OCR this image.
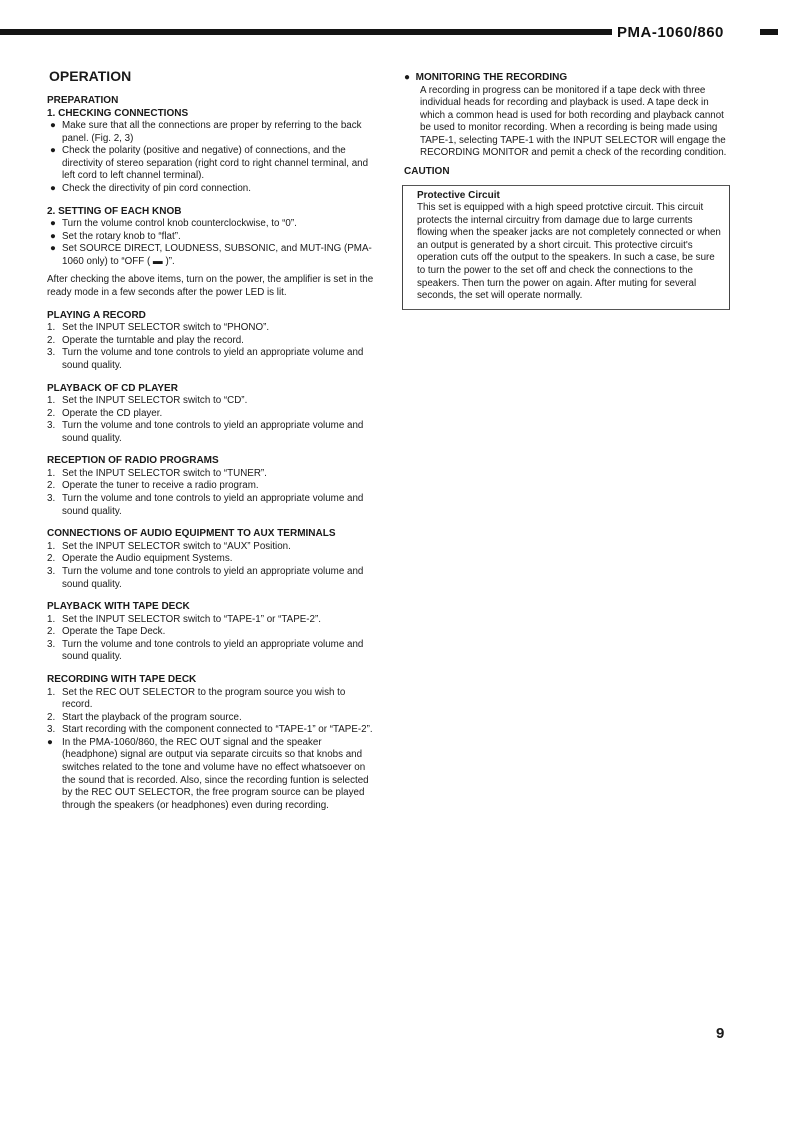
PMA-1060/860
OPERATION
PREPARATION
1. CHECKING CONNECTIONS
● Make sure that all the connections are proper by referring to the back panel. (Fig. 2, 3)
● Check the polarity (positive and negative) of connections, and the directivity of stereo separation (right cord to right channel terminal, and left cord to left channel terminal).
● Check the directivity of pin cord connection.
2. SETTING OF EACH KNOB
● Turn the volume control knob counterclockwise, to “0”.
● Set the rotary knob to “flat”.
● Set SOURCE DIRECT, LOUDNESS, SUBSONIC, and MUT-ING (PMA-1060 only) to “OFF ( ▬ )”.

After checking the above items, turn on the power, the amplifier is set in the ready mode in a few seconds after the power LED is lit.

PLAYING A RECORD
1. Set the INPUT SELECTOR switch to “PHONO”.
2. Operate the turntable and play the record.
3. Turn the volume and tone controls to yield an appropriate volume and sound quality.
PLAYBACK OF CD PLAYER
1. Set the INPUT SELECTOR switch to “CD”.
2. Operate the CD player.
3. Turn the volume and tone controls to yield an appropriate volume and sound quality.
RECEPTION OF RADIO PROGRAMS
1. Set the INPUT SELECTOR switch to “TUNER”.
2. Operate the tuner to receive a radio program.
3. Turn the volume and tone controls to yield an appropriate volume and sound quality.
CONNECTIONS OF AUDIO EQUIPMENT TO AUX TERMINALS
1. Set the INPUT SELECTOR switch to “AUX” Position.
2. Operate the Audio equipment Systems.
3. Turn the volume and tone controls to yield an appropriate volume and sound quality.
PLAYBACK WITH TAPE DECK
1. Set the INPUT SELECTOR switch to “TAPE-1” or “TAPE-2”.
2. Operate the Tape Deck.
3. Turn the volume and tone controls to yield an appropriate volume and sound quality.
RECORDING WITH TAPE DECK
1. Set the REC OUT SELECTOR to the program source you wish to record.
2. Start the playback of the program source.
3. Start recording with the component connected to “TAPE-1” or “TAPE-2”.
● In the PMA-1060/860, the REC OUT signal and the speaker (headphone) signal are output via separate circuits so that knobs and switches related to the tone and volume have no effect whatsoever on the sound that is recorded. Also, since the recording funtion is selected by the REC OUT SELECTOR, the free program source can be played through the speakers (or headphones) even during recording.
●  MONITORING THE RECORDING

A recording in progress can be monitored if a tape deck with three individual heads for recording and playback is used. A tape deck in which a common head is used for both recording and playback cannot be used to monitor recording. When a recording is being made using TAPE-1, selecting TAPE-1 with the INPUT SELECTOR will engage the RECORDING MONITOR and pemit a check of the recording condition.

CAUTION
Protective Circuit

This set is equipped with a high speed protctive circuit. This circuit protects the internal circuitry from damage due to large currents flowing when the speaker jacks are not completely connected or when an output is generated by a short circuit. This protective circuit's operation cuts off the output to the speakers. In such a case, be sure to turn the power to the set off and check the connections to the speakers. Then turn the power on again. After muting for several seconds, the set will operate normally.

9
